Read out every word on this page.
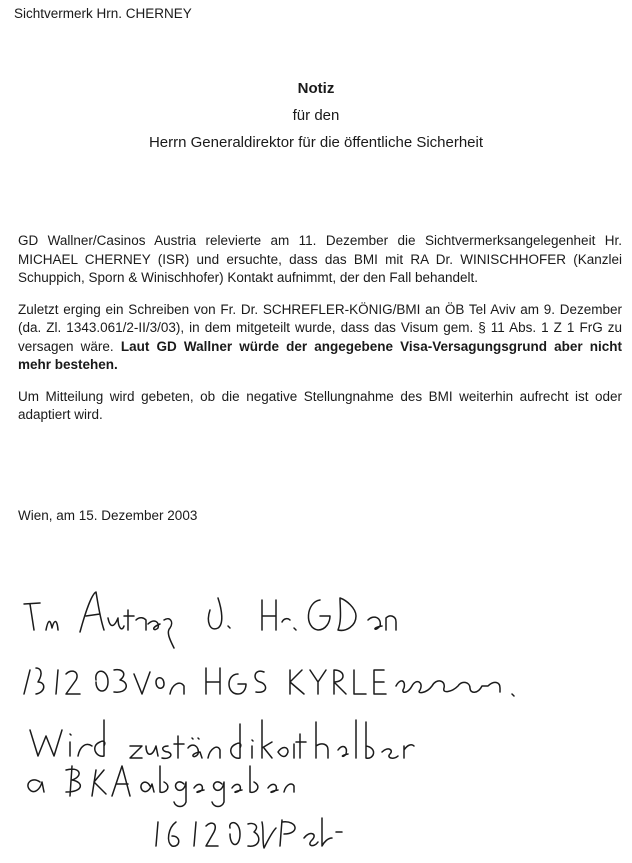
Sichtvermerk Hrn. CHERNEY

Notiz

für den

Herrn Generaldirektor für die öffentliche Sicherheit

GD Wallner/Casinos Austria relevierte am 11. Dezember die Sichtvermerksangelegenheit Hr. MICHAEL CHERNEY (ISR) und ersuchte, dass das BMI mit RA Dr. WINISCHHOFER (Kanzlei Schuppich, Sporn & Winischhofer) Kontakt aufnimmt, der den Fall behandelt.

Zuletzt erging ein Schreiben von Fr. Dr. SCHREFLER-KÖNIG/BMI an ÖB Tel Aviv am 9. Dezember (da. Zl. 1343.061/2-II/3/03), in dem mitgeteilt wurde, dass das Visum gem. § 11 Abs. 1 Z 1 FrG zu versagen wäre. Laut GD Wallner würde der angegebene Visa-Versagungsgrund aber nicht mehr bestehen.

Um Mitteilung wird gebeten, ob die negative Stellungnahme des BMI weiterhin aufrecht ist oder adaptiert wird.

Wien, am 15. Dezember 2003
